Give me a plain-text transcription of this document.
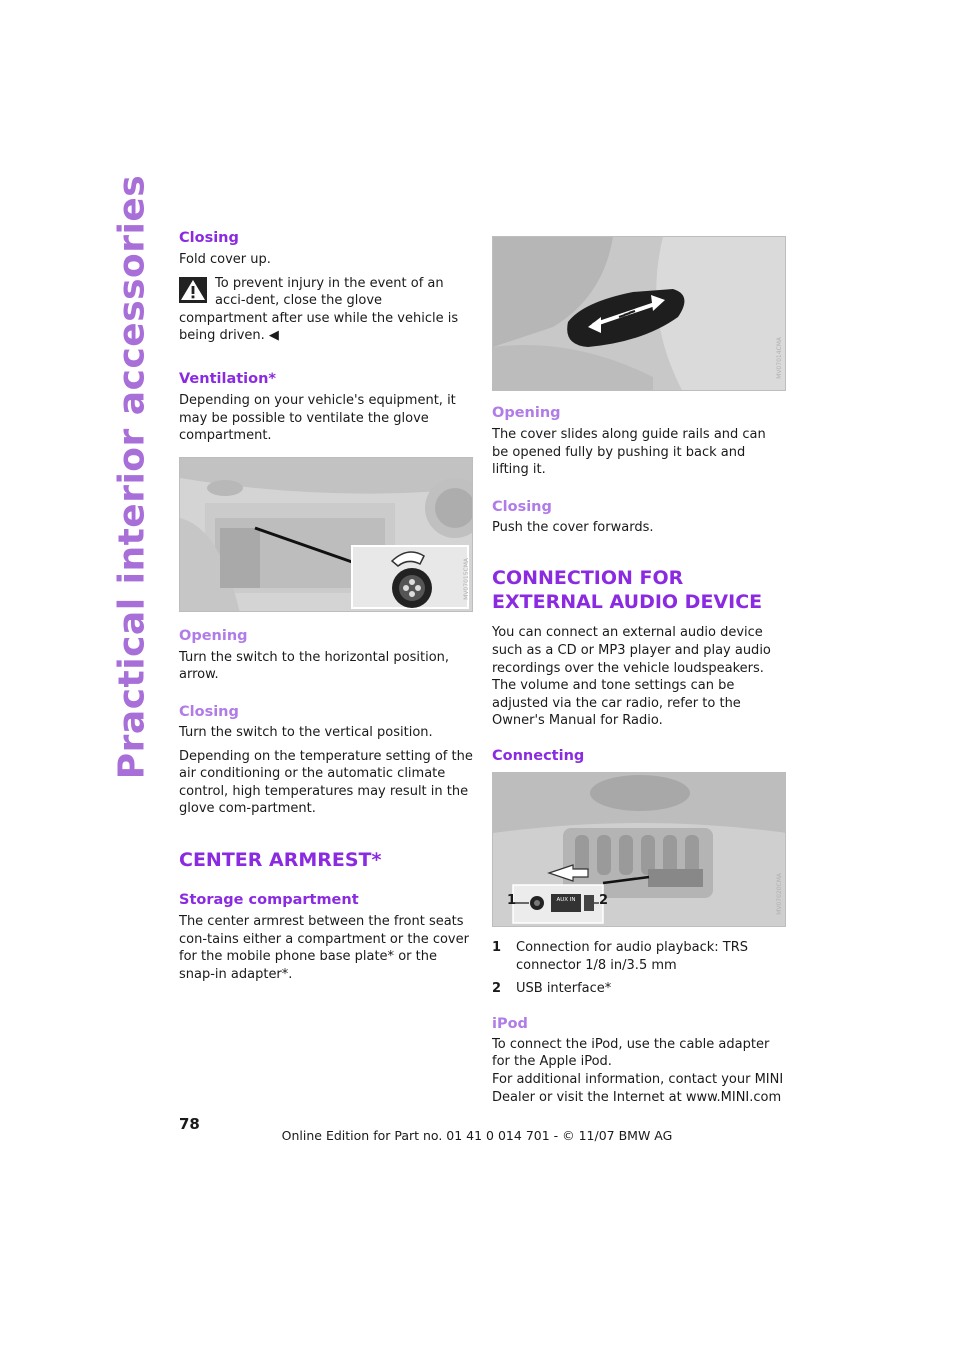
Practical interior accessories Closing

Fold cover up.

To prevent injury in the event of an acci-dent, close the glove compartment after use while the vehicle is being driven. ◀

Ventilation*

Depending on your vehicle's equipment, it may be possible to ventilate the glove compartment.

MV07015CMA
Opening

Turn the switch to the horizontal position, arrow.

Closing

Turn the switch to the vertical position.

Depending on the temperature setting of the air conditioning or the automatic climate control, high temperatures may result in the glove com-partment.

CENTER ARMREST*
Storage compartment

The center armrest between the front seats con-tains either a compartment or the cover for the mobile phone base plate* or the snap-in adapter*.

MV07014CMA
Opening

The cover slides along guide rails and can be opened fully by pushing it back and lifting it.

Closing

Push the cover forwards.

CONNECTION FOR EXTERNAL AUDIO DEVICE

You can connect an external audio device such as a CD or MP3 player and play audio recordings over the vehicle loudspeakers. The volume and tone settings can be adjusted via the car radio, refer to the Owner's Manual for Radio.

Connecting
1	2
AUX IN	MV07020CMA
1	Connection for audio playback: TRS connector 1/8 in/3.5 mm
2	USB interface*
iPod

To connect the iPod, use the cable adapter for the Apple iPod.

For additional information, contact your MINI Dealer or visit the Internet at www.MINI.com

78
Online Edition for Part no. 01 41 0 014 701 - © 11/07 BMW AG
